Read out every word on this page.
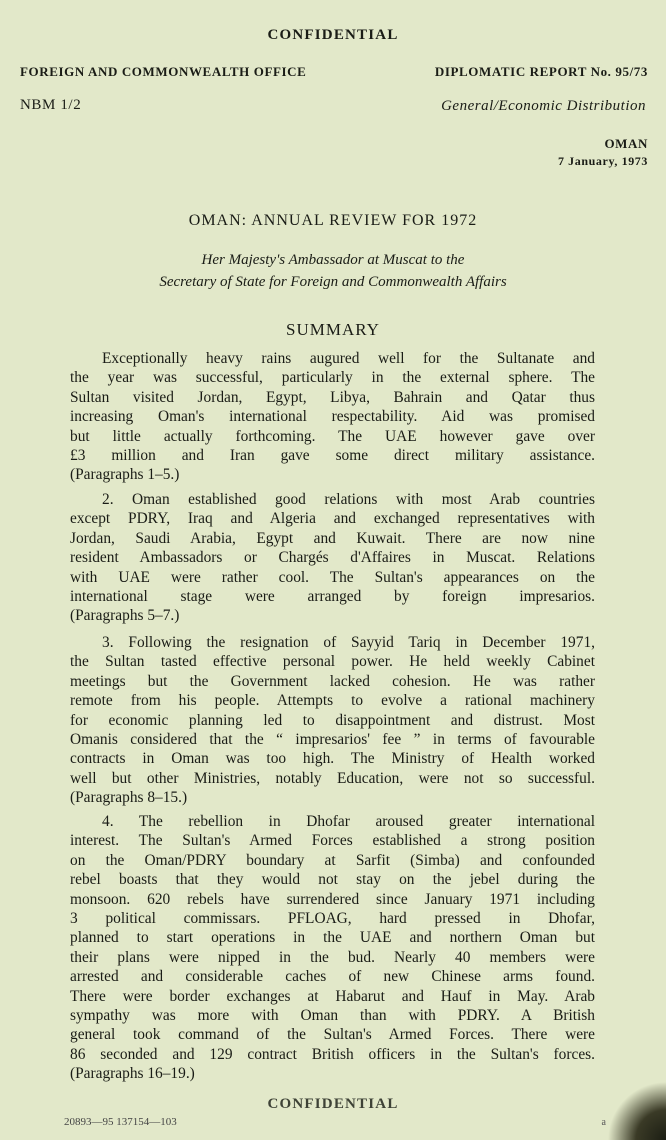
CONFIDENTIAL
FOREIGN AND COMMONWEALTH OFFICE	DIPLOMATIC REPORT No. 95/73
NBM 1/2	General/Economic Distribution
OMAN
7 January, 1973
OMAN: ANNUAL REVIEW FOR 1972
Her Majesty's Ambassador at Muscat to the
Secretary of State for Foreign and Commonwealth Affairs
SUMMARY
Exceptionally heavy rains augured well for the Sultanate and
the year was successful, particularly in the external sphere. The
Sultan visited Jordan, Egypt, Libya, Bahrain and Qatar thus
increasing Oman's international respectability. Aid was promised
but little actually forthcoming. The UAE however gave over
£3 million and Iran gave some direct military assistance.
(Paragraphs 1–5.)
2. Oman established good relations with most Arab countries
except PDRY, Iraq and Algeria and exchanged representatives with
Jordan, Saudi Arabia, Egypt and Kuwait. There are now nine
resident Ambassadors or Chargés d'Affaires in Muscat. Relations
with UAE were rather cool. The Sultan's appearances on the
international stage were arranged by foreign impresarios.
(Paragraphs 5–7.)
3. Following the resignation of Sayyid Tariq in December 1971,
the Sultan tasted effective personal power. He held weekly Cabinet
meetings but the Government lacked cohesion. He was rather
remote from his people. Attempts to evolve a rational machinery
for economic planning led to disappointment and distrust. Most
Omanis considered that the “ impresarios' fee ” in terms of favourable
contracts in Oman was too high. The Ministry of Health worked
well but other Ministries, notably Education, were not so successful.
(Paragraphs 8–15.)
4. The rebellion in Dhofar aroused greater international
interest. The Sultan's Armed Forces established a strong position
on the Oman/PDRY boundary at Sarfit (Simba) and confounded
rebel boasts that they would not stay on the jebel during the
monsoon. 620 rebels have surrendered since January 1971 including
3 political commissars. PFLOAG, hard pressed in Dhofar,
planned to start operations in the UAE and northern Oman but
their plans were nipped in the bud. Nearly 40 members were
arrested and considerable caches of new Chinese arms found.
There were border exchanges at Habarut and Hauf in May. Arab
sympathy was more with Oman than with PDRY. A British
general took command of the Sultan's Armed Forces. There were
86 seconded and 129 contract British officers in the Sultan's forces.
(Paragraphs 16–19.)
CONFIDENTIAL
20893—95 137154—103	a
